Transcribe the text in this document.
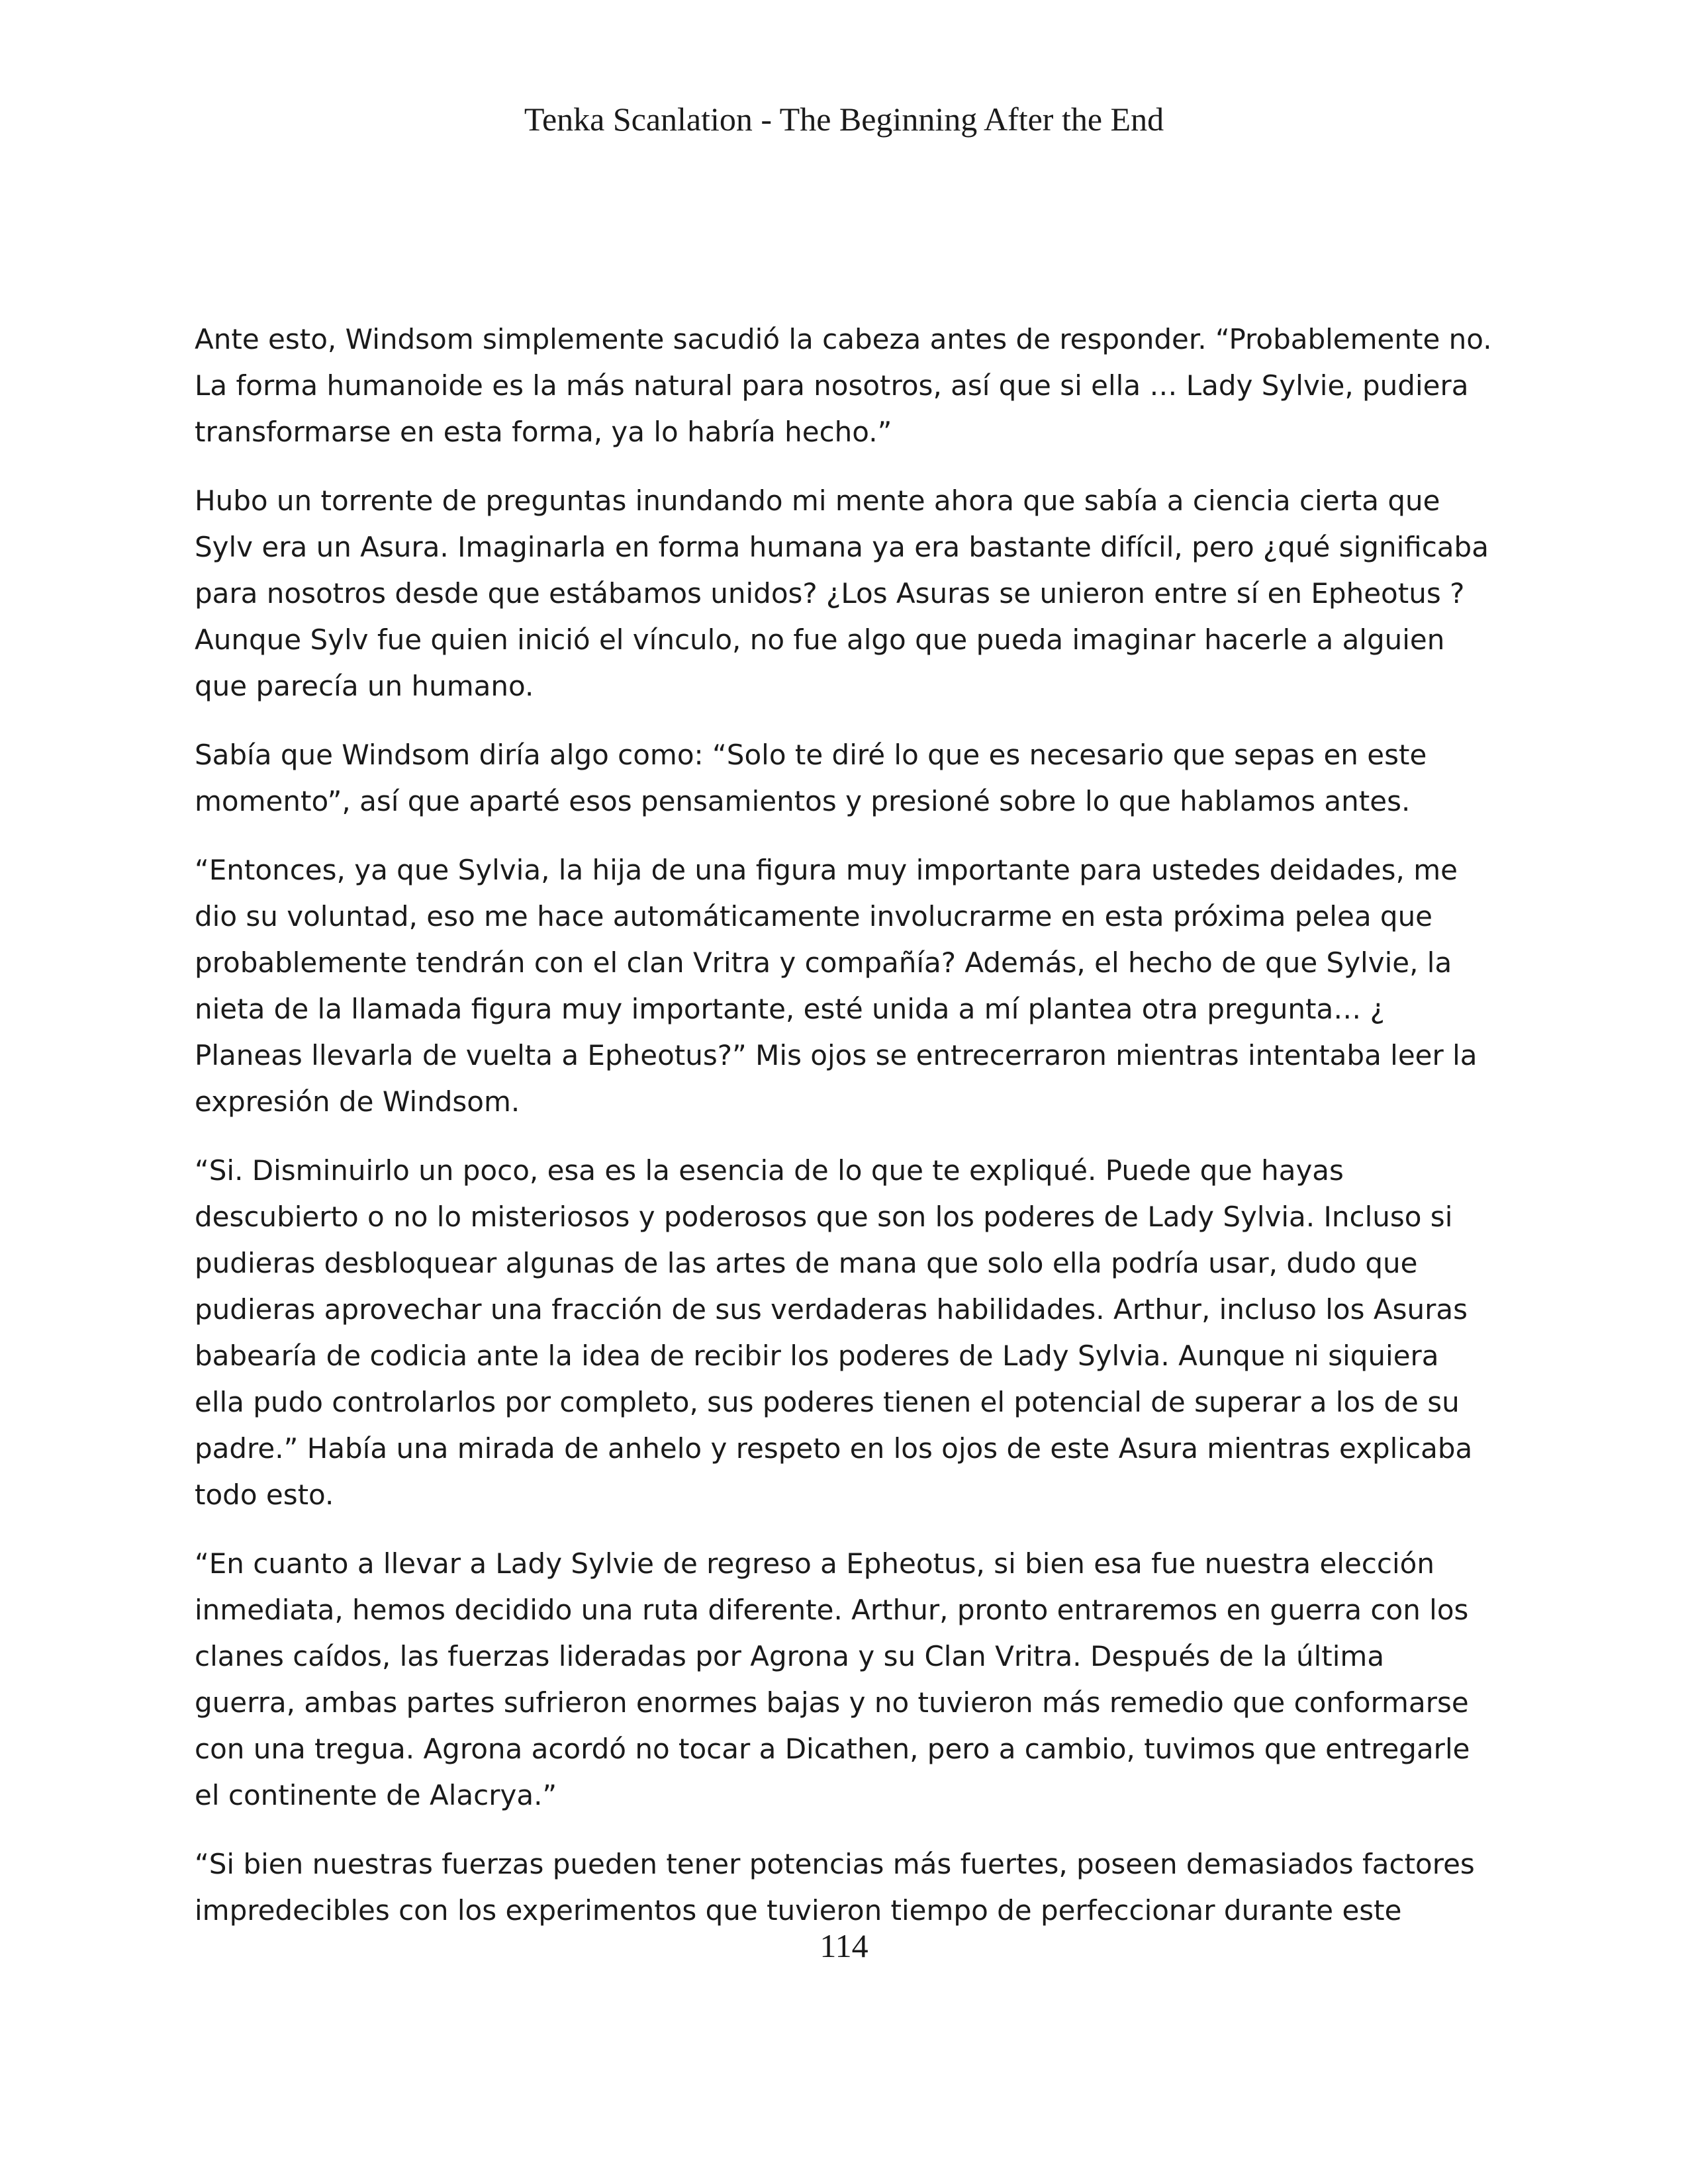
Tenka Scanlation - The Beginning After the End

Ante esto, Windsom simplemente sacudió la cabeza antes de responder. “Probablemente no. La forma humanoide es la más natural para nosotros, así que si ella … Lady Sylvie, pudiera transformarse en esta forma, ya lo habría hecho.”

Hubo un torrente de preguntas inundando mi mente ahora que sabía a ciencia cierta que Sylv era un Asura. Imaginarla en forma humana ya era bastante difícil, pero ¿qué significaba para nosotros desde que estábamos unidos? ¿Los Asuras se unieron entre sí en Epheotus ? Aunque Sylv fue quien inició el vínculo, no fue algo que pueda imaginar hacerle a alguien que parecía un humano.

Sabía que Windsom diría algo como: “Solo te diré lo que es necesario que sepas en este momento”, así que aparté esos pensamientos y presioné sobre lo que hablamos antes.

“Entonces, ya que Sylvia, la hija de una figura muy importante para ustedes deidades, me dio su voluntad, eso me hace automáticamente involucrarme en esta próxima pelea que probablemente tendrán con el clan Vritra y compañía? Además, el hecho de que Sylvie, la nieta de la llamada figura muy importante, esté unida a mí plantea otra pregunta… ¿ Planeas llevarla de vuelta a Epheotus?” Mis ojos se entrecerraron mientras intentaba leer la expresión de Windsom.

“Si. Disminuirlo un poco, esa es la esencia de lo que te expliqué. Puede que hayas descubierto o no lo misteriosos y poderosos que son los poderes de Lady Sylvia. Incluso si pudieras desbloquear algunas de las artes de mana que solo ella podría usar, dudo que pudieras aprovechar una fracción de sus verdaderas habilidades. Arthur, incluso los Asuras babearía de codicia ante la idea de recibir los poderes de Lady Sylvia. Aunque ni siquiera ella pudo controlarlos por completo, sus poderes tienen el potencial de superar a los de su padre.” Había una mirada de anhelo y respeto en los ojos de este Asura mientras explicaba todo esto.

“En cuanto a llevar a Lady Sylvie de regreso a Epheotus, si bien esa fue nuestra elección inmediata, hemos decidido una ruta diferente. Arthur, pronto entraremos en guerra con los clanes caídos, las fuerzas lideradas por Agrona y su Clan Vritra. Después de la última guerra, ambas partes sufrieron enormes bajas y no tuvieron más remedio que conformarse con una tregua. Agrona acordó no tocar a Dicathen, pero a cambio, tuvimos que entregarle el continente de Alacrya.”

“Si bien nuestras fuerzas pueden tener potencias más fuertes, poseen demasiados factores impredecibles con los experimentos que tuvieron tiempo de perfeccionar durante este

114
